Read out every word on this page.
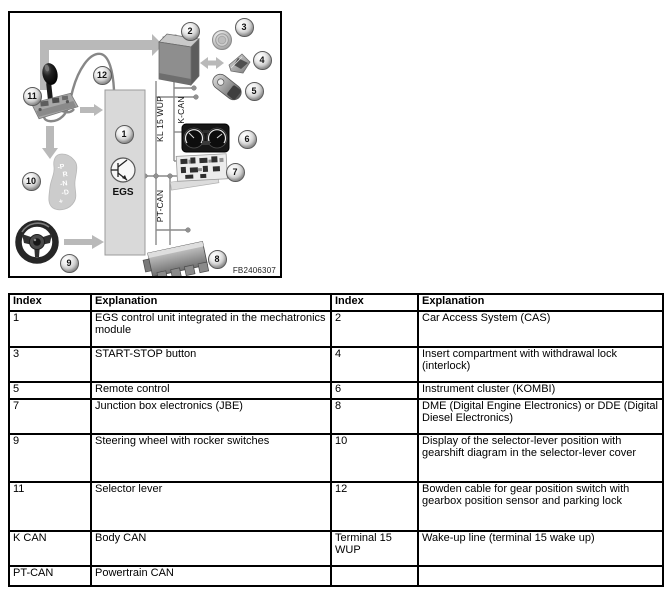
EGS
-P
R
-N
-D
+
KL 15 WUP K-CAN
PT-CAN
1
2	3
4
5
6
7
8
9
10
11
12
FB2406307
Index	Explanation	Index	Explanation
1	EGS control unit integrated in the mechatronics module	2	Car Access System (CAS)
3	START-STOP button	4	Insert compartment with withdrawal lock (interlock)
5	Remote control	6	Instrument cluster (KOMBI)
7	Junction box electronics (JBE)	8	DME (Digital Engine Electronics) or DDE (Digital Diesel Electronics)
9	Steering wheel with rocker switches	10	Display of the selector-lever position with gearshift diagram in the selector-lever cover
11	Selector lever	12	Bowden cable for gear position switch with gearbox position sensor and parking lock
K CAN	Body CAN	Terminal 15 WUP	Wake-up line (terminal 15 wake up)
PT-CAN	Powertrain CAN		
